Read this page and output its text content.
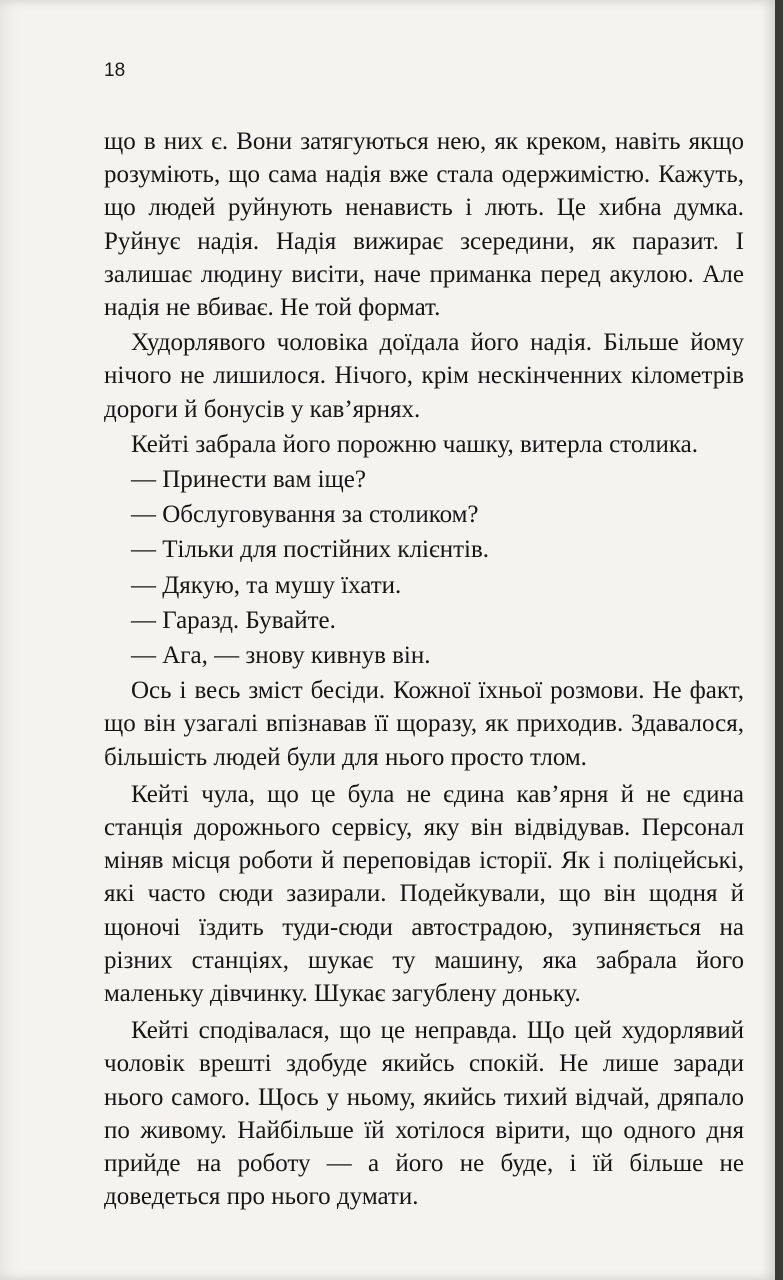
18

що в них є. Вони затягуються нею, як креком, навіть якщо розуміють, що сама надія вже стала одержимістю. Кажуть, що людей руйнують ненависть і лють. Це хибна думка. Руйнує надія. Надія вижирає зсередини, як паразит. І залишає людину висіти, наче приманка перед акулою. Але надія не вбиває. Не той формат.

Худорлявого чоловіка доїдала його надія. Більше йому нічого не лишилося. Нічого, крім нескінченних кілометрів дороги й бонусів у кав’ярнях.

Кейті забрала його порожню чашку, витерла столика.

— Принести вам іще?

— Обслуговування за столиком?

— Тільки для постійних клієнтів.

— Дякую, та мушу їхати.

— Гаразд. Бувайте.

— Ага, — знову кивнув він.

Ось і весь зміст бесіди. Кожної їхньої розмови. Не факт, що він узагалі впізнавав її щоразу, як приходив. Здавалося, більшість людей були для нього просто тлом.

Кейті чула, що це була не єдина кав’ярня й не єдина станція дорожнього сервісу, яку він відвідував. Персонал міняв місця роботи й переповідав історії. Як і поліцейські, які часто сюди зазирали. Подейкували, що він щодня й щоночі їздить туди-сюди автострадою, зупиняється на різних станціях, шукає ту машину, яка забрала його маленьку дівчинку. Шукає загублену доньку.

Кейті сподівалася, що це неправда. Що цей худорлявий чоловік врешті здобуде якийсь спокій. Не лише заради нього самого. Щось у ньому, якийсь тихий відчай, дряпало по живому. Найбільше їй хотілося вірити, що одного дня прийде на роботу — а його не буде, і їй більше не доведеться про нього думати.
